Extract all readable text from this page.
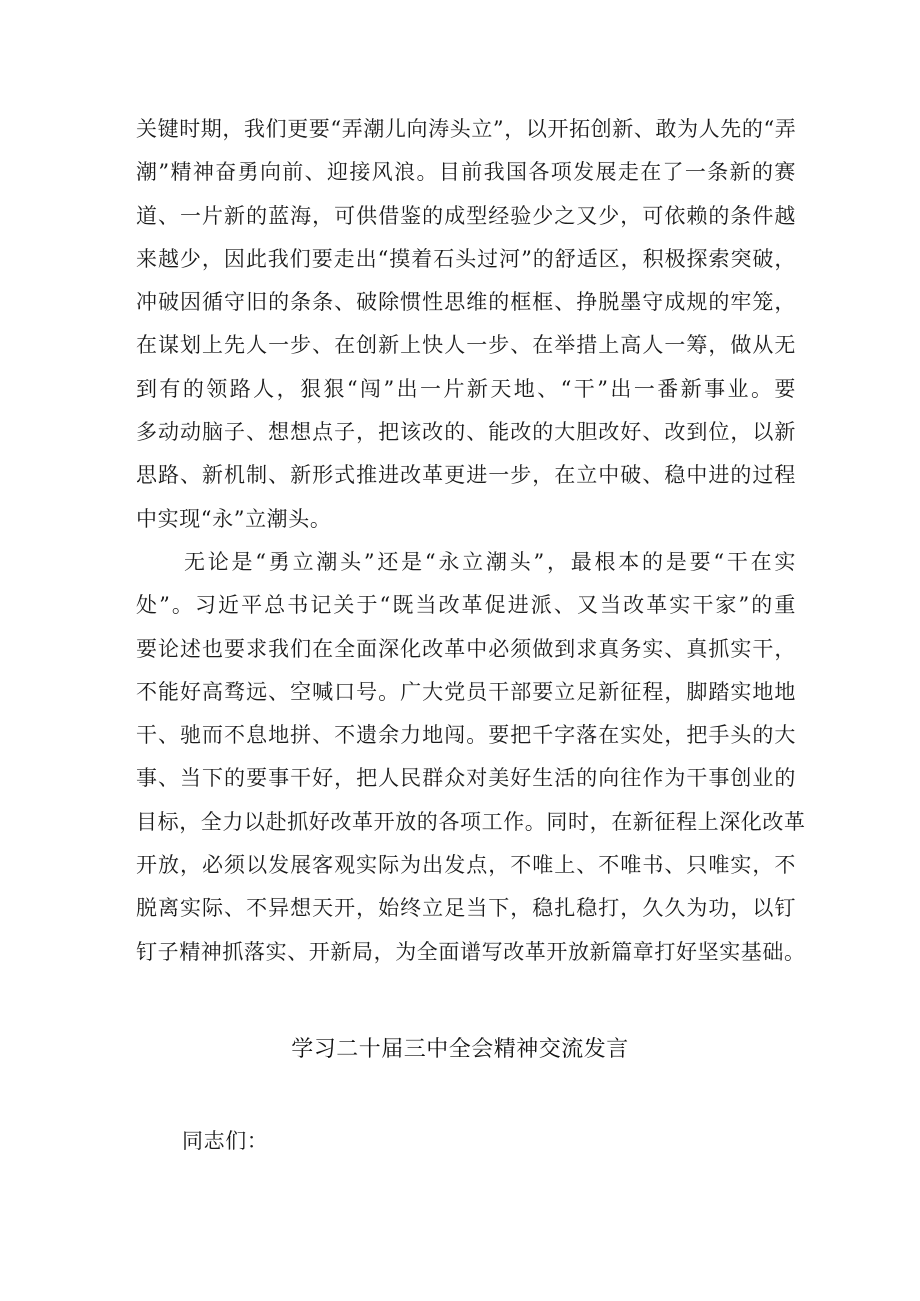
关键时期，我们更要“弄潮儿向涛头立”，以开拓创新、敢为人先的“弄
潮”精神奋勇向前、迎接风浪。目前我国各项发展走在了一条新的赛
道、一片新的蓝海，可供借鉴的成型经验少之又少，可依赖的条件越
来越少，因此我们要走出“摸着石头过河”的舒适区，积极探索突破，
冲破因循守旧的条条、破除惯性思维的框框、挣脱墨守成规的牢笼，
在谋划上先人一步、在创新上快人一步、在举措上高人一筹，做从无
到有的领路人，狠狠“闯”出一片新天地、“干”出一番新事业。要
多动动脑子、想想点子，把该改的、能改的大胆改好、改到位，以新
思路、新机制、新形式推进改革更进一步，在立中破、稳中进的过程
中实现“永”立潮头。

无论是“勇立潮头”还是“永立潮头”，最根本的是要“干在实
处”。习近平总书记关于“既当改革促进派、又当改革实干家”的重
要论述也要求我们在全面深化改革中必须做到求真务实、真抓实干，
不能好高骛远、空喊口号。广大党员干部要立足新征程，脚踏实地地
干、驰而不息地拼、不遗余力地闯。要把千字落在实处，把手头的大
事、当下的要事干好，把人民群众对美好生活的向往作为干事创业的
目标，全力以赴抓好改革开放的各项工作。同时，在新征程上深化改革
开放，必须以发展客观实际为出发点，不唯上、不唯书、只唯实，不
脱离实际、不异想天开，始终立足当下，稳扎稳打，久久为功，以钉
钉子精神抓落实、开新局，为全面谱写改革开放新篇章打好坚实基础。

学习二十届三中全会精神交流发言

同志们：
